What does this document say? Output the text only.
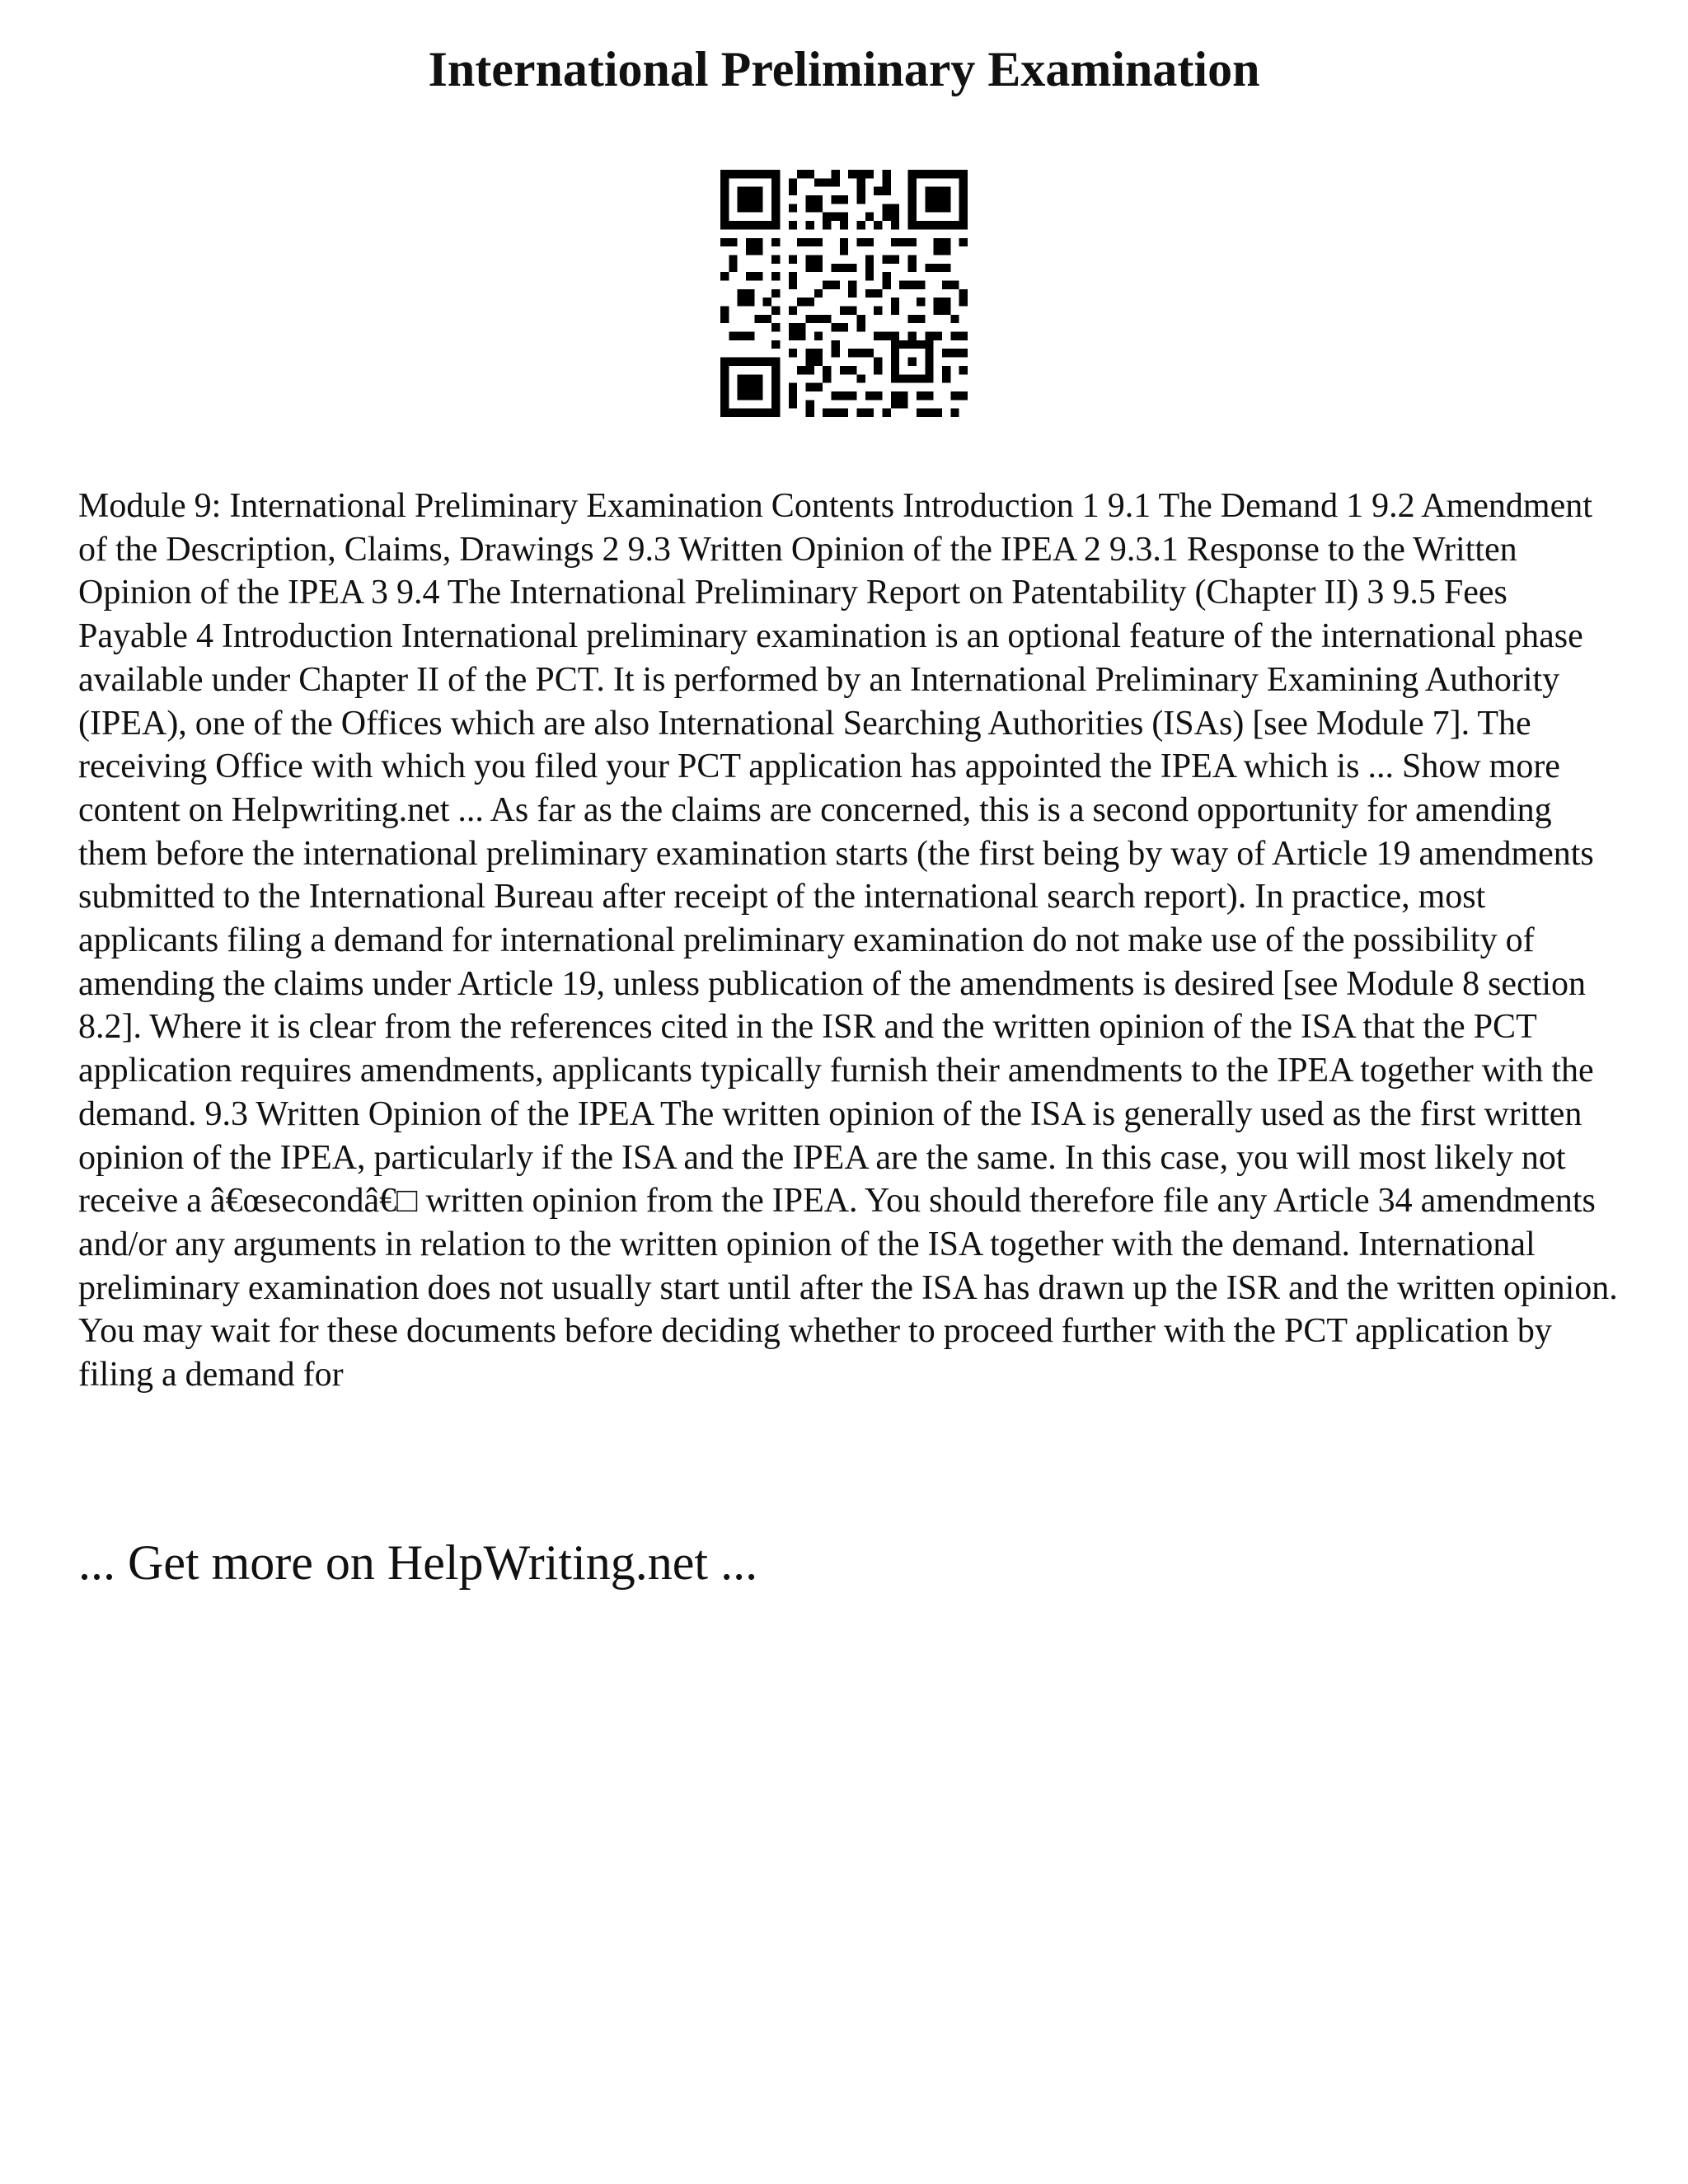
International Preliminary Examination

Module 9: International Preliminary Examination Contents Introduction 1 9.1 The Demand 1 9.2 Amendment of the Description, Claims, Drawings 2 9.3 Written Opinion of the IPEA 2 9.3.1 Response to the Written Opinion of the IPEA 3 9.4 The International Preliminary Report on Patentability (Chapter II) 3 9.5 Fees Payable 4 Introduction International preliminary examination is an optional feature of the international phase available under Chapter II of the PCT. It is performed by an International Preliminary Examining Authority (IPEA), one of the Offices which are also International Searching Authorities (ISAs) [see Module 7]. The receiving Office with which you filed your PCT application has appointed the IPEA which is ... Show more content on Helpwriting.net ... As far as the claims are concerned, this is a second opportunity for amending them before the international preliminary examination starts (the first being by way of Article 19 amendments submitted to the International Bureau after receipt of the international search report). In practice, most applicants filing a demand for international preliminary examination do not make use of the possibility of amending the claims under Article 19, unless publication of the amendments is desired [see Module 8 section 8.2]. Where it is clear from the references cited in the ISR and the written opinion of the ISA that the PCT application requires amendments, applicants typically furnish their amendments to the IPEA together with the demand. 9.3 Written Opinion of the IPEA The written opinion of the ISA is generally used as the first written opinion of the IPEA, particularly if the ISA and the IPEA are the same. In this case, you will most likely not receive a â€œsecondâ€□ written opinion from the IPEA. You should therefore file any Article 34 amendments and/or any arguments in relation to the written opinion of the ISA together with the demand. International preliminary examination does not usually start until after the ISA has drawn up the ISR and the written opinion. You may wait for these documents before deciding whether to proceed further with the PCT application by filing a demand for

... Get more on HelpWriting.net ...
